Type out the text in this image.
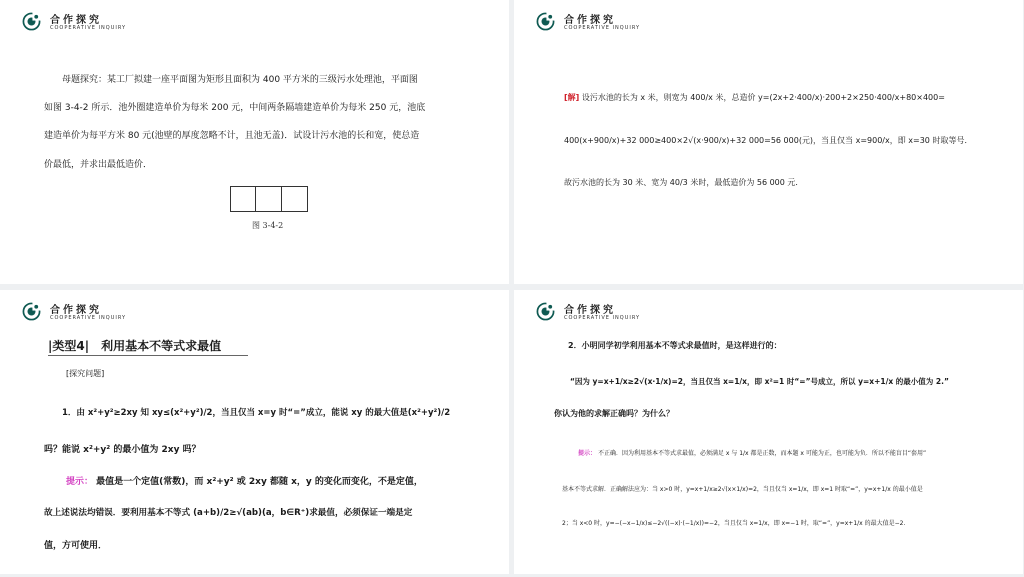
合作探究
COOPERATIVE INQUIRY
母题探究：某工厂拟建一座平面图为矩形且面积为 400 平方米的三级污水处理池，平面图
如图 3-4-2 所示．池外圈建造单价为每米 200 元，中间两条隔墙建造单价为每米 250 元，池底
建造单价为每平方米 80 元(池壁的厚度忽略不计，且池无盖)．试设计污水池的长和宽，使总造
价最低，并求出最低造价．
图 3-4-2
合作探究
COOPERATIVE INQUIRY
[解] 设污水池的长为 x 米，则宽为 400/x 米，总造价 y=(2x+2·400/x)·200+2×250·400/x+80×400=
400(x+900/x)+32 000≥400×2√(x·900/x)+32 000=56 000(元)，当且仅当 x=900/x，即 x=30 时取等号．
故污水池的长为 30 米、宽为 40/3 米时，最低造价为 56 000 元．
合作探究
COOPERATIVE INQUIRY
|类型4|　利用基本不等式求最值
[探究问题]
1．由 x²+y²≥2xy 知 xy≤(x²+y²)/2，当且仅当 x=y 时“=”成立，能说 xy 的最大值是(x²+y²)/2
吗？能说 x²+y² 的最小值为 2xy 吗？
提示： 最值是一个定值(常数)，而 x²+y² 或 2xy 都随 x，y 的变化而变化，不是定值，
故上述说法均错误．要利用基本不等式 (a+b)/2≥√(ab)(a，b∈R⁺)求最值，必须保证一端是定
值，方可使用．
合作探究
COOPERATIVE INQUIRY
2．小明同学初学利用基本不等式求最值时，是这样进行的：
“因为 y=x+1/x≥2√(x·1/x)=2，当且仅当 x=1/x，即 x²=1 时“=”号成立，所以 y=x+1/x 的最小值为 2.”
你认为他的求解正确吗？为什么？
提示： 不正确．因为利用基本不等式求最值，必须满足 x 与 1/x 都是正数，而本题 x 可能为正，也可能为负．所以不能盲目“套用”
基本不等式求解．正确解法应为：当 x>0 时，y=x+1/x≥2√(x×1/x)=2，当且仅当 x=1/x，即 x=1 时取“=”，y=x+1/x 的最小值是
2；当 x<0 时，y=−(−x−1/x)≤−2√((−x)·(−1/x))=−2，当且仅当 x=1/x，即 x=−1 时，取“=”，y=x+1/x 的最大值是−2.
